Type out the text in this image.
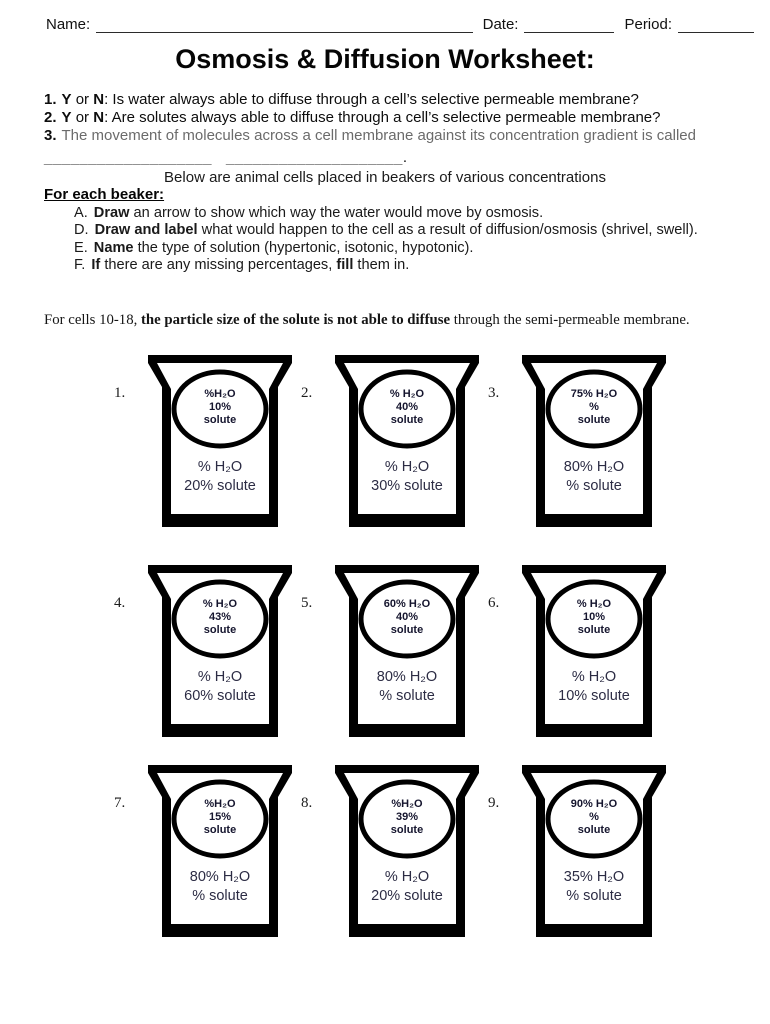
Name:	Date:	Period:
Osmosis & Diffusion Worksheet:
1. Y or N: Is water always able to diffuse through a cell’s selective permeable membrane?
2. Y or N: Are solutes always able to diffuse through a cell’s selective permeable membrane?
3. The movement of molecules across a cell membrane against its concentration gradient is called
___________________ ____________________.
Below are animal cells placed in beakers of various concentrations
For each beaker:
A. Draw an arrow to show which way the water would move by osmosis.
D. Draw and label what would happen to the cell as a result of diffusion/osmosis (shrivel, swell).
E. Name the type of solution (hypertonic, isotonic, hypotonic).
F. If there are any missing percentages, fill them in.
For cells 10-18, the particle size of the solute is not able to diffuse through the semi-permeable membrane.
1.	%H₂O
10%
solute
% H₂O
20% solute
2.	% H₂O
40%
solute
% H₂O
30% solute
3.	75% H₂O
%
solute
80% H₂O
% solute
4.	% H₂O
43%
solute
% H₂O
60% solute
5.	60% H₂O
40%
solute
80% H₂O
% solute
6.	% H₂O
10%
solute
% H₂O
10% solute
7.	%H₂O
15%
solute
80% H₂O
% solute
8.	%H₂O
39%
solute
% H₂O
20% solute
9.	90% H₂O
%
solute
35% H₂O
% solute
